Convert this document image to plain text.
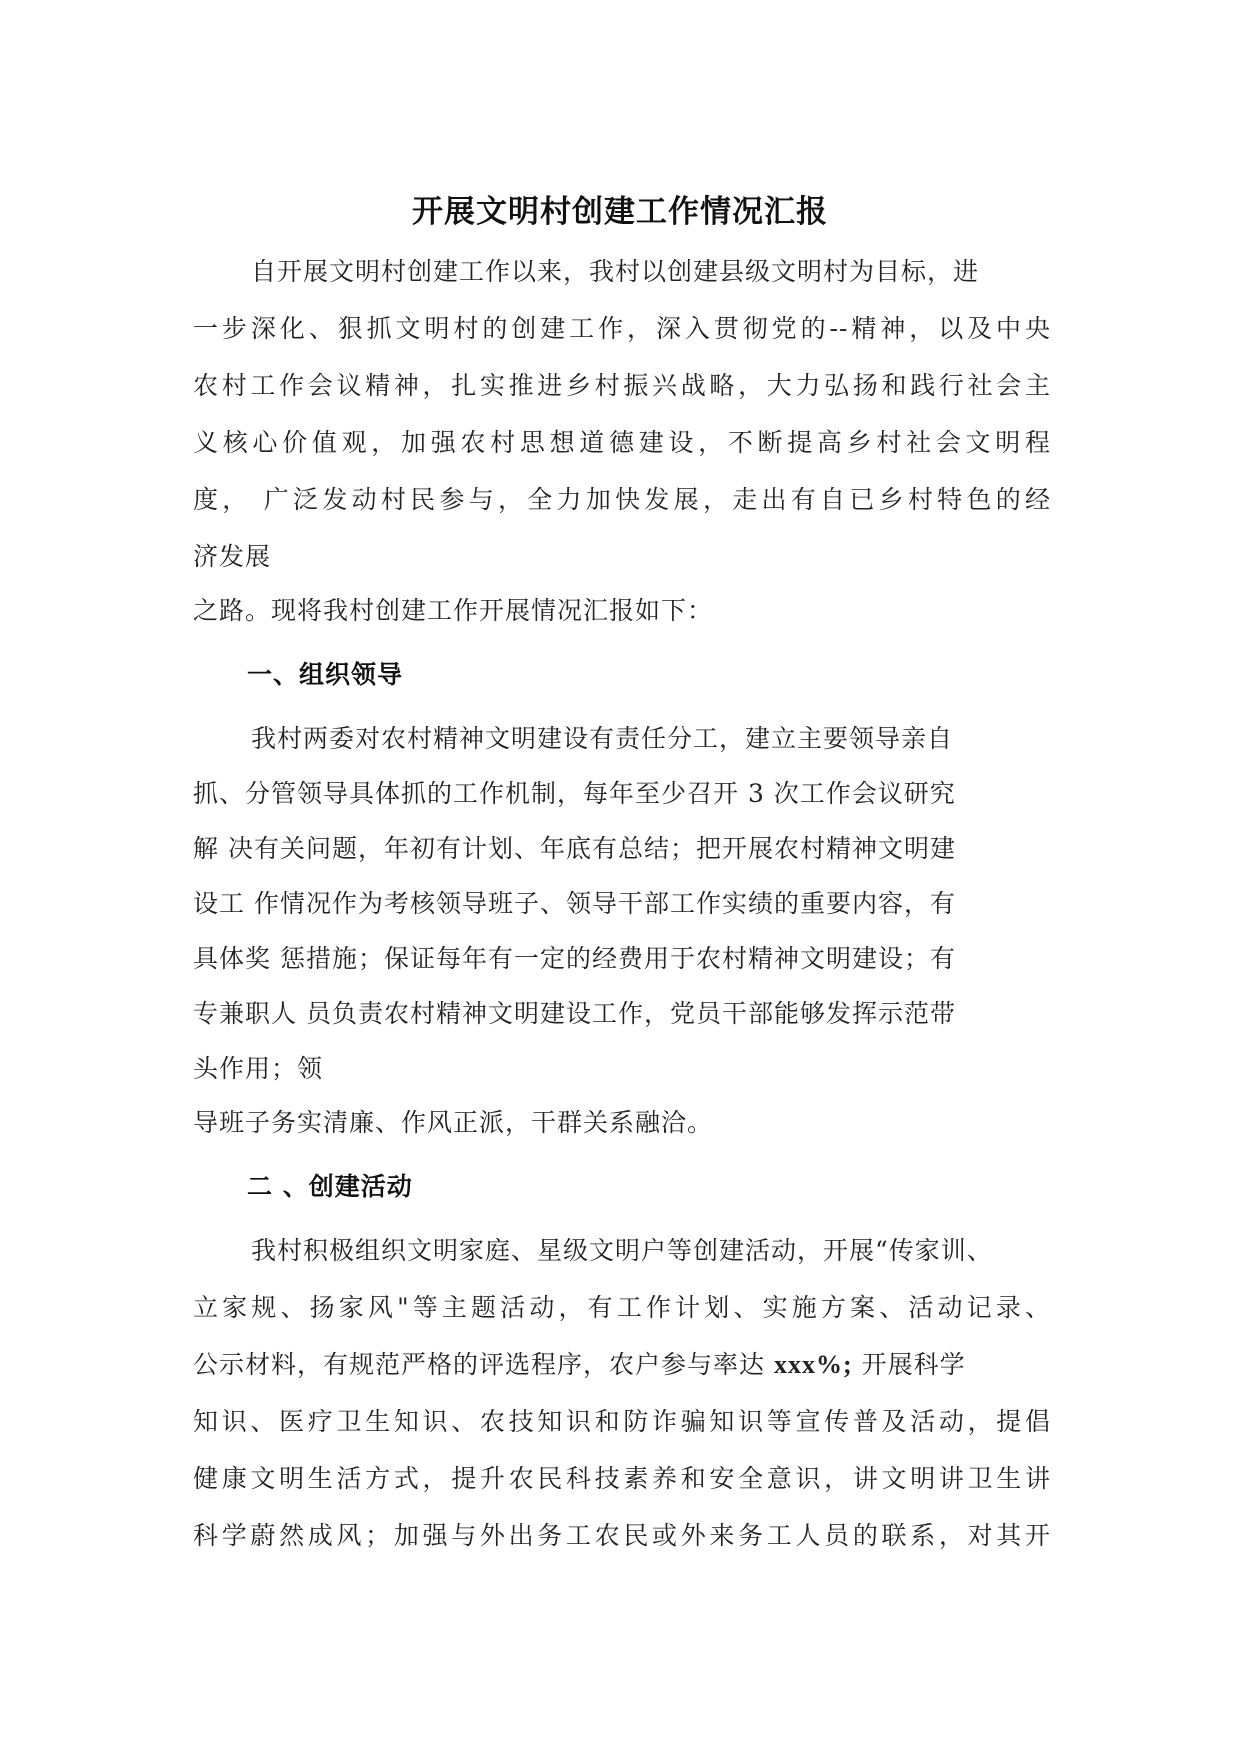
开展文明村创建工作情况汇报
自开展文明村创建工作以来，我村以创建县级文明村为目标，进
一步深化、狠抓文明村的创建工作，深入贯彻党的--精神，以及中央
农村工作会议精神，扎实推进乡村振兴战略，大力弘扬和践行社会主
义核心价值观，加强农村思想道德建设，不断提高乡村社会文明程
度， 广泛发动村民参与，全力加快发展，走出有自已乡村特色的经
济发展
之路。现将我村创建工作开展情况汇报如下：
一、组织领导
我村两委对农村精神文明建设有责任分工，建立主要领导亲自
抓、分管领导具体抓的工作机制，每年至少召开 3 次工作会议研究
解 决有关问题，年初有计划、年底有总结；把开展农村精神文明建
设工 作情况作为考核领导班子、领导干部工作实绩的重要内容，有
具体奖 惩措施；保证每年有一定的经费用于农村精神文明建设；有
专兼职人 员负责农村精神文明建设工作，党员干部能够发挥示范带
头作用；领
导班子务实清廉、作风正派，干群关系融洽。
二 、创建活动
我村积极组织文明家庭、星级文明户等创建活动，开展“传家训、
立家规、扬家风"等主题活动，有工作计划、实施方案、活动记录、
公示材料，有规范严格的评选程序，农户参与率达 xxx%; 开展科学
知识、医疗卫生知识、农技知识和防诈骗知识等宣传普及活动，提倡
健康文明生活方式，提升农民科技素养和安全意识，讲文明讲卫生讲
科学蔚然成风；加强与外出务工农民或外来务工人员的联系，对其开
